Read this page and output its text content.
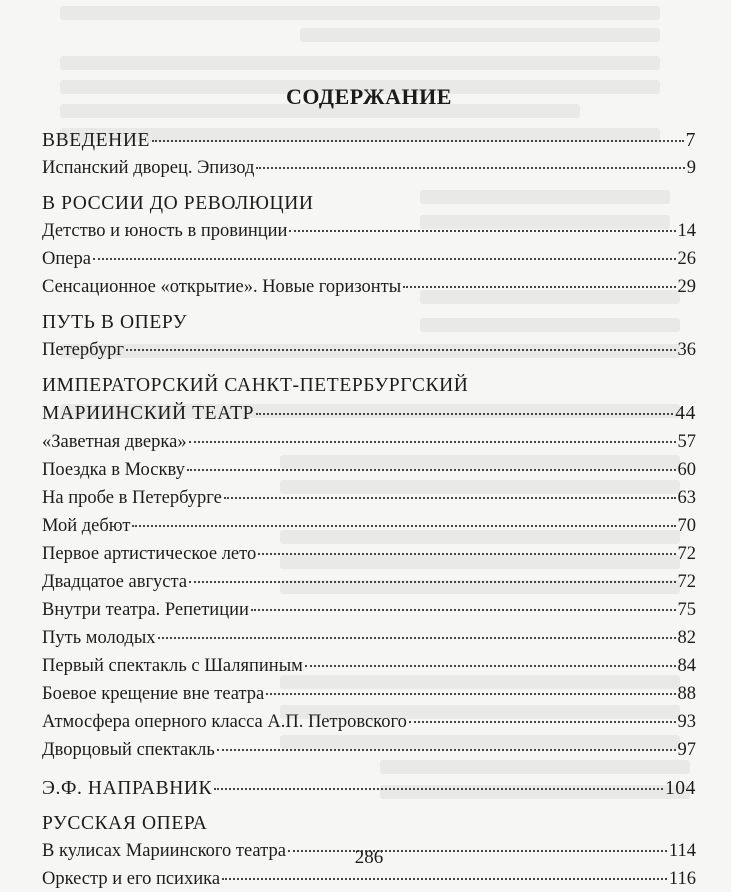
СОДЕРЖАНИЕ
ВВЕДЕНИЕ	7
Испанский дворец. Эпизод	9
В РОССИИ ДО РЕВОЛЮЦИИ
Детство и юность в провинции	14
Опера	26
Сенсационное «открытие». Новые горизонты	29
ПУТЬ В ОПЕРУ
Петербург	36
ИМПЕРАТОРСКИЙ САНКТ-ПЕТЕРБУРГСКИЙ
МАРИИНСКИЙ ТЕАТР	44
«Заветная дверка»	57
Поездка в Москву	60
На пробе в Петербурге	63
Мой дебют	70
Первое артистическое лето	72
Двадцатое августа	72
Внутри театра. Репетиции	75
Путь молодых	82
Первый спектакль с Шаляпиным	84
Боевое крещение вне театра	88
Атмосфера оперного класса А.П. Петровского	93
Дворцовый спектакль	97
Э.Ф. НАПРАВНИК	104
РУССКАЯ ОПЕРА
В кулисах Мариинского театра	114
Оркестр и его психика	116
286
